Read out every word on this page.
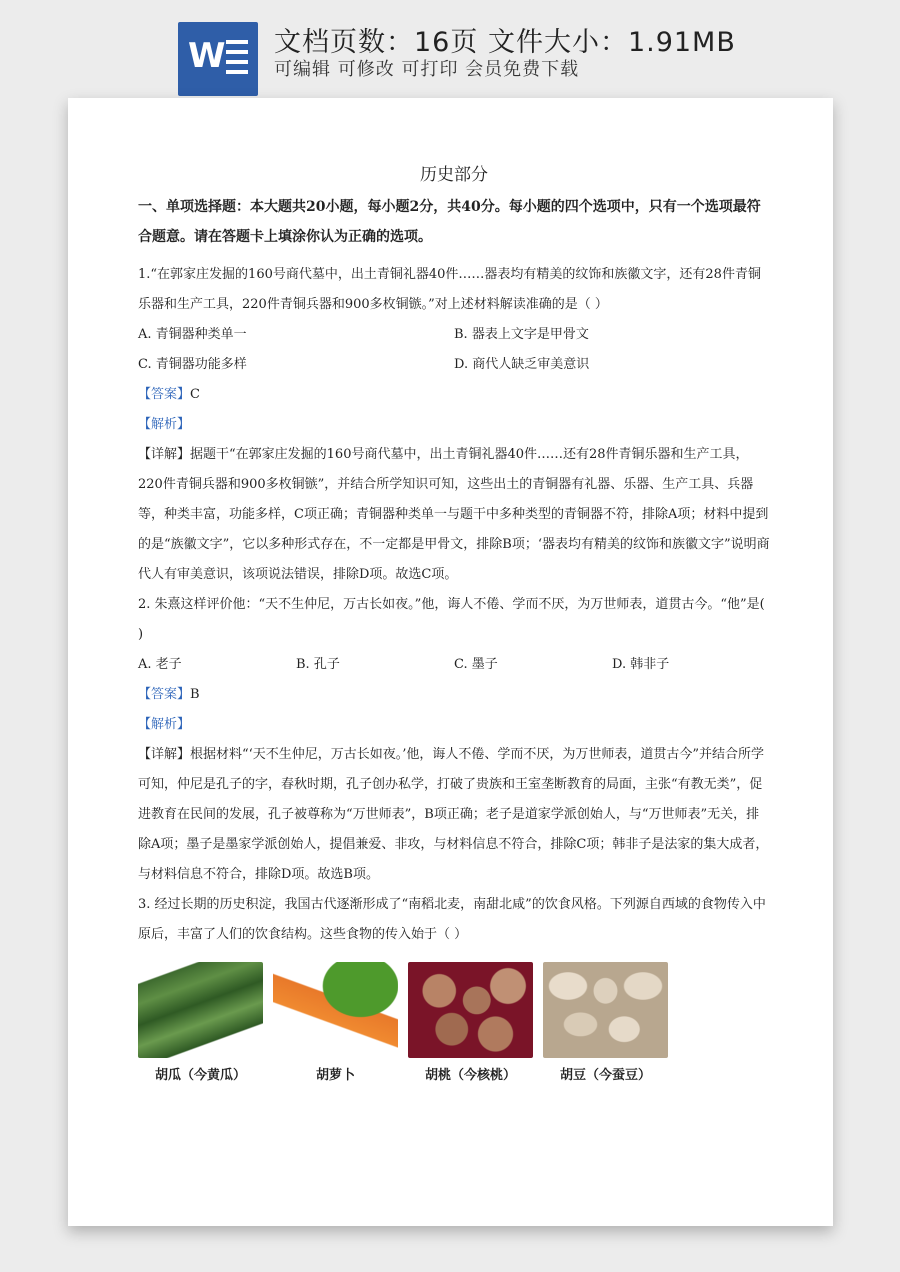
W 文档页数：16页 文件大小：1.91MB
可编辑 可修改 可打印 会员免费下载
历史部分
一、单项选择题：本大题共20小题，每小题2分，共40分。每小题的四个选项中，只有一个选项最符合题意。请在答题卡上填涂你认为正确的选项。

1.“在郭家庄发掘的160号商代墓中，出土青铜礼器40件……器表均有精美的纹饰和族徽文字，还有28件青铜乐器和生产工具，220件青铜兵器和900多枚铜镞。”对上述材料解读准确的是（ ）

A. 青铜器种类单一	B. 器表上文字是甲骨文
C. 青铜器功能多样	D. 商代人缺乏审美意识

【答案】C

【解析】

【详解】据题干“在郭家庄发掘的160号商代墓中，出土青铜礼器40件……还有28件青铜乐器和生产工具，220件青铜兵器和900多枚铜镞”，并结合所学知识可知，这些出土的青铜器有礼器、乐器、生产工具、兵器等，种类丰富，功能多样，C项正确；青铜器种类单一与题干中多种类型的青铜器不符，排除A项；材料中提到的是“族徽文字”，它以多种形式存在，不一定都是甲骨文，排除B项；‘器表均有精美的纹饰和族徽文字”说明商代人有审美意识，该项说法错误，排除D项。故选C项。

2. 朱熹这样评价他：“天不生仲尼，万古长如夜。”他，诲人不倦、学而不厌，为万世师表，道贯古今。“他”是( )

A. 老子	B. 孔子	C. 墨子	D. 韩非子

【答案】B

【解析】

【详解】根据材料“‘天不生仲尼，万古长如夜。’他，诲人不倦、学而不厌，为万世师表，道贯古今”并结合所学可知，仲尼是孔子的字，春秋时期，孔子创办私学，打破了贵族和王室垄断教育的局面，主张“有教无类”，促进教育在民间的发展，孔子被尊称为“万世师表”，B项正确；老子是道家学派创始人，与“万世师表”无关，排除A项；墨子是墨家学派创始人，提倡兼爱、非攻，与材料信息不符合，排除C项；韩非子是法家的集大成者，与材料信息不符合，排除D项。故选B项。

3. 经过长期的历史积淀，我国古代逐渐形成了“南稻北麦，南甜北咸”的饮食风格。下列源自西域的食物传入中原后，丰富了人们的饮食结构。这些食物的传入始于（ ）

胡瓜（今黄瓜）	胡萝卜	胡桃（今核桃）	胡豆（今蚕豆）
